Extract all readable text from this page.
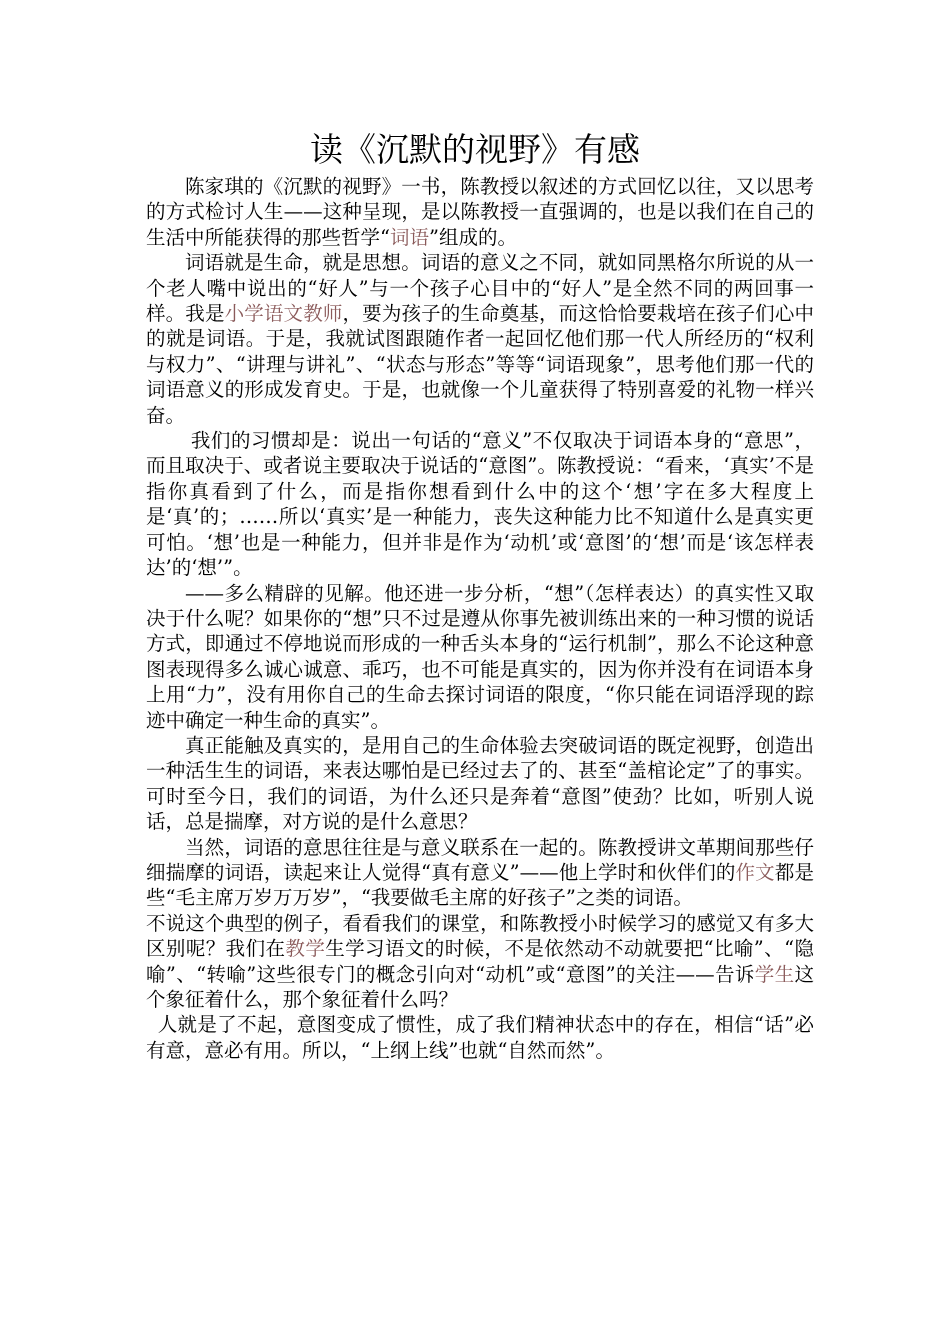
读《沉默的视野》有感

陈家琪的《沉默的视野》一书，陈教授以叙述的方式回忆以往，又以思考的方式检讨人生——这种呈现，是以陈教授一直强调的，也是以我们在自己的生活中所能获得的那些哲学“词语”组成的。

词语就是生命，就是思想。词语的意义之不同，就如同黑格尔所说的从一个老人嘴中说出的“好人”与一个孩子心目中的“好人”是全然不同的两回事一样。我是小学语文教师，要为孩子的生命奠基，而这恰恰要栽培在孩子们心中的就是词语。于是，我就试图跟随作者一起回忆他们那一代人所经历的“权利与权力”、“讲理与讲礼”、“状态与形态”等等“词语现象”，思考他们那一代的词语意义的形成发育史。于是，也就像一个儿童获得了特别喜爱的礼物一样兴奋。

我们的习惯却是：说出一句话的“意义”不仅取决于词语本身的“意思”，而且取决于、或者说主要取决于说话的“意图”。陈教授说：“看来，‘真实’不是指你真看到了什么，而是指你想看到什么中的这个‘想’字在多大程度上是‘真’的；……所以‘真实’是一种能力，丧失这种能力比不知道什么是真实更可怕。‘想’也是一种能力，但并非是作为‘动机’或‘意图’的‘想’而是‘该怎样表达’的‘想’”。

——多么精辟的见解。他还进一步分析，“想”（怎样表达）的真实性又取决于什么呢？如果你的“想”只不过是遵从你事先被训练出来的一种习惯的说话方式，即通过不停地说而形成的一种舌头本身的“运行机制”，那么不论这种意图表现得多么诚心诚意、乖巧，也不可能是真实的，因为你并没有在词语本身上用“力”，没有用你自己的生命去探讨词语的限度，“你只能在词语浮现的踪迹中确定一种生命的真实”。

真正能触及真实的，是用自己的生命体验去突破词语的既定视野，创造出一种活生生的词语，来表达哪怕是已经过去了的、甚至“盖棺论定”了的事实。可时至今日，我们的词语，为什么还只是奔着“意图”使劲？比如，听别人说话，总是揣摩，对方说的是什么意思？

当然，词语的意思往往是与意义联系在一起的。陈教授讲文革期间那些仔细揣摩的词语，读起来让人觉得“真有意义”——他上学时和伙伴们的作文都是些“毛主席万岁万万岁”，“我要做毛主席的好孩子”之类的词语。

不说这个典型的例子，看看我们的课堂，和陈教授小时候学习的感觉又有多大区别呢？我们在教学生学习语文的时候，不是依然动不动就要把“比喻”、“隐喻”、“转喻”这些很专门的概念引向对“动机”或“意图”的关注——告诉学生这个象征着什么，那个象征着什么吗？

人就是了不起，意图变成了惯性，成了我们精神状态中的存在，相信“话”必有意，意必有用。所以，“上纲上线”也就“自然而然”。
